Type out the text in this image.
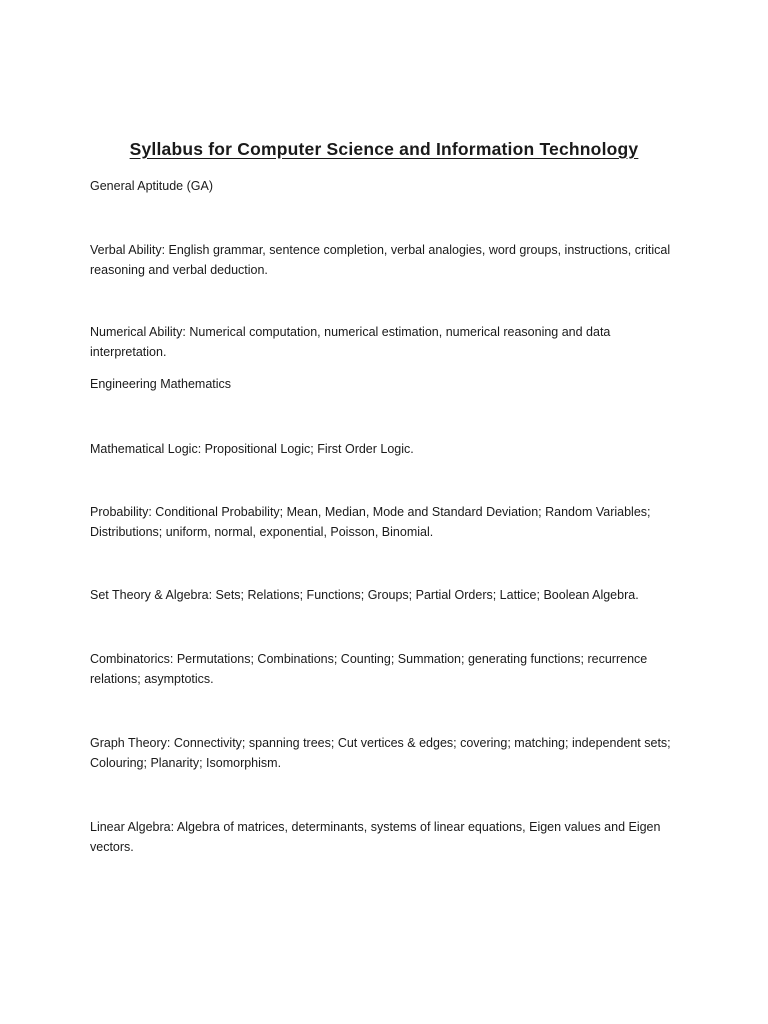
Syllabus for Computer Science and Information Technology

General Aptitude (GA)

Verbal Ability: English grammar, sentence completion, verbal analogies, word groups, instructions, critical reasoning and verbal deduction.

Numerical Ability: Numerical computation, numerical estimation, numerical reasoning and data interpretation.

Engineering Mathematics

Mathematical Logic: Propositional Logic; First Order Logic.

Probability: Conditional Probability; Mean, Median, Mode and Standard Deviation; Random Variables; Distributions; uniform, normal, exponential, Poisson, Binomial.

Set Theory & Algebra: Sets; Relations; Functions; Groups; Partial Orders; Lattice; Boolean Algebra.

Combinatorics: Permutations; Combinations; Counting; Summation; generating functions; recurrence relations; asymptotics.

Graph Theory: Connectivity; spanning trees; Cut vertices & edges; covering; matching; independent sets; Colouring; Planarity; Isomorphism.

Linear Algebra: Algebra of matrices, determinants, systems of linear equations, Eigen values and Eigen vectors.
